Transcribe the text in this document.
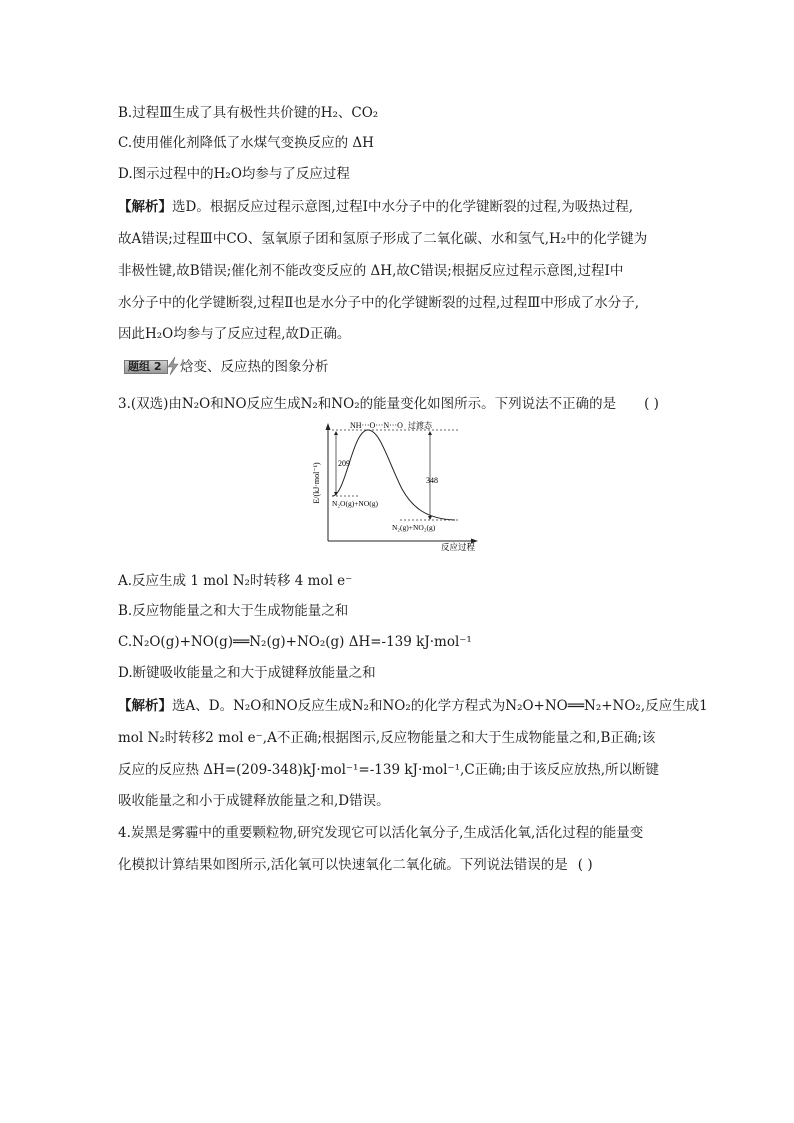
B.过程Ⅲ生成了具有极性共价键的H₂、CO₂
C.使用催化剂降低了水煤气变换反应的 ΔH
D.图示过程中的H₂O均参与了反应过程
【解析】选D。根据反应过程示意图,过程Ⅰ中水分子中的化学键断裂的过程,为吸热过程,
故A错误;过程Ⅲ中CO、氢氧原子团和氢原子形成了二氧化碳、水和氢气,H₂中的化学键为
非极性键,故B错误;催化剂不能改变反应的 ΔH,故C错误;根据反应过程示意图,过程Ⅰ中
水分子中的化学键断裂,过程Ⅱ也是水分子中的化学键断裂的过程,过程Ⅲ中形成了水分子,
因此H₂O均参与了反应过程,故D正确。
题组 2 焓变、反应热的图象分析
3.(双选)由N₂O和NO反应生成N₂和NO₂的能量变化如图所示。下列说法不正确的是 ( )
E/(kJ·mol⁻¹)
反应过程
209
348
NH···O···N···O 过渡态
N₂O(g)+NO(g)
N₂(g)+NO₂(g)
A.反应生成 1 mol N₂时转移 4 mol e⁻
B.反应物能量之和大于生成物能量之和
C.N₂O(g)+NO(g)══N₂(g)+NO₂(g) ΔH=-139 kJ·mol⁻¹
D.断键吸收能量之和大于成键释放能量之和
【解析】选A、D。N₂O和NO反应生成N₂和NO₂的化学方程式为N₂O+NO══N₂+NO₂,反应生成1
mol N₂时转移2 mol e⁻,A不正确;根据图示,反应物能量之和大于生成物能量之和,B正确;该
反应的反应热 ΔH=(209-348)kJ·mol⁻¹=-139 kJ·mol⁻¹,C正确;由于该反应放热,所以断键
吸收能量之和小于成键释放能量之和,D错误。
4.炭黑是雾霾中的重要颗粒物,研究发现它可以活化氧分子,生成活化氧,活化过程的能量变
化模拟计算结果如图所示,活化氧可以快速氧化二氧化硫。下列说法错误的是 ( )
